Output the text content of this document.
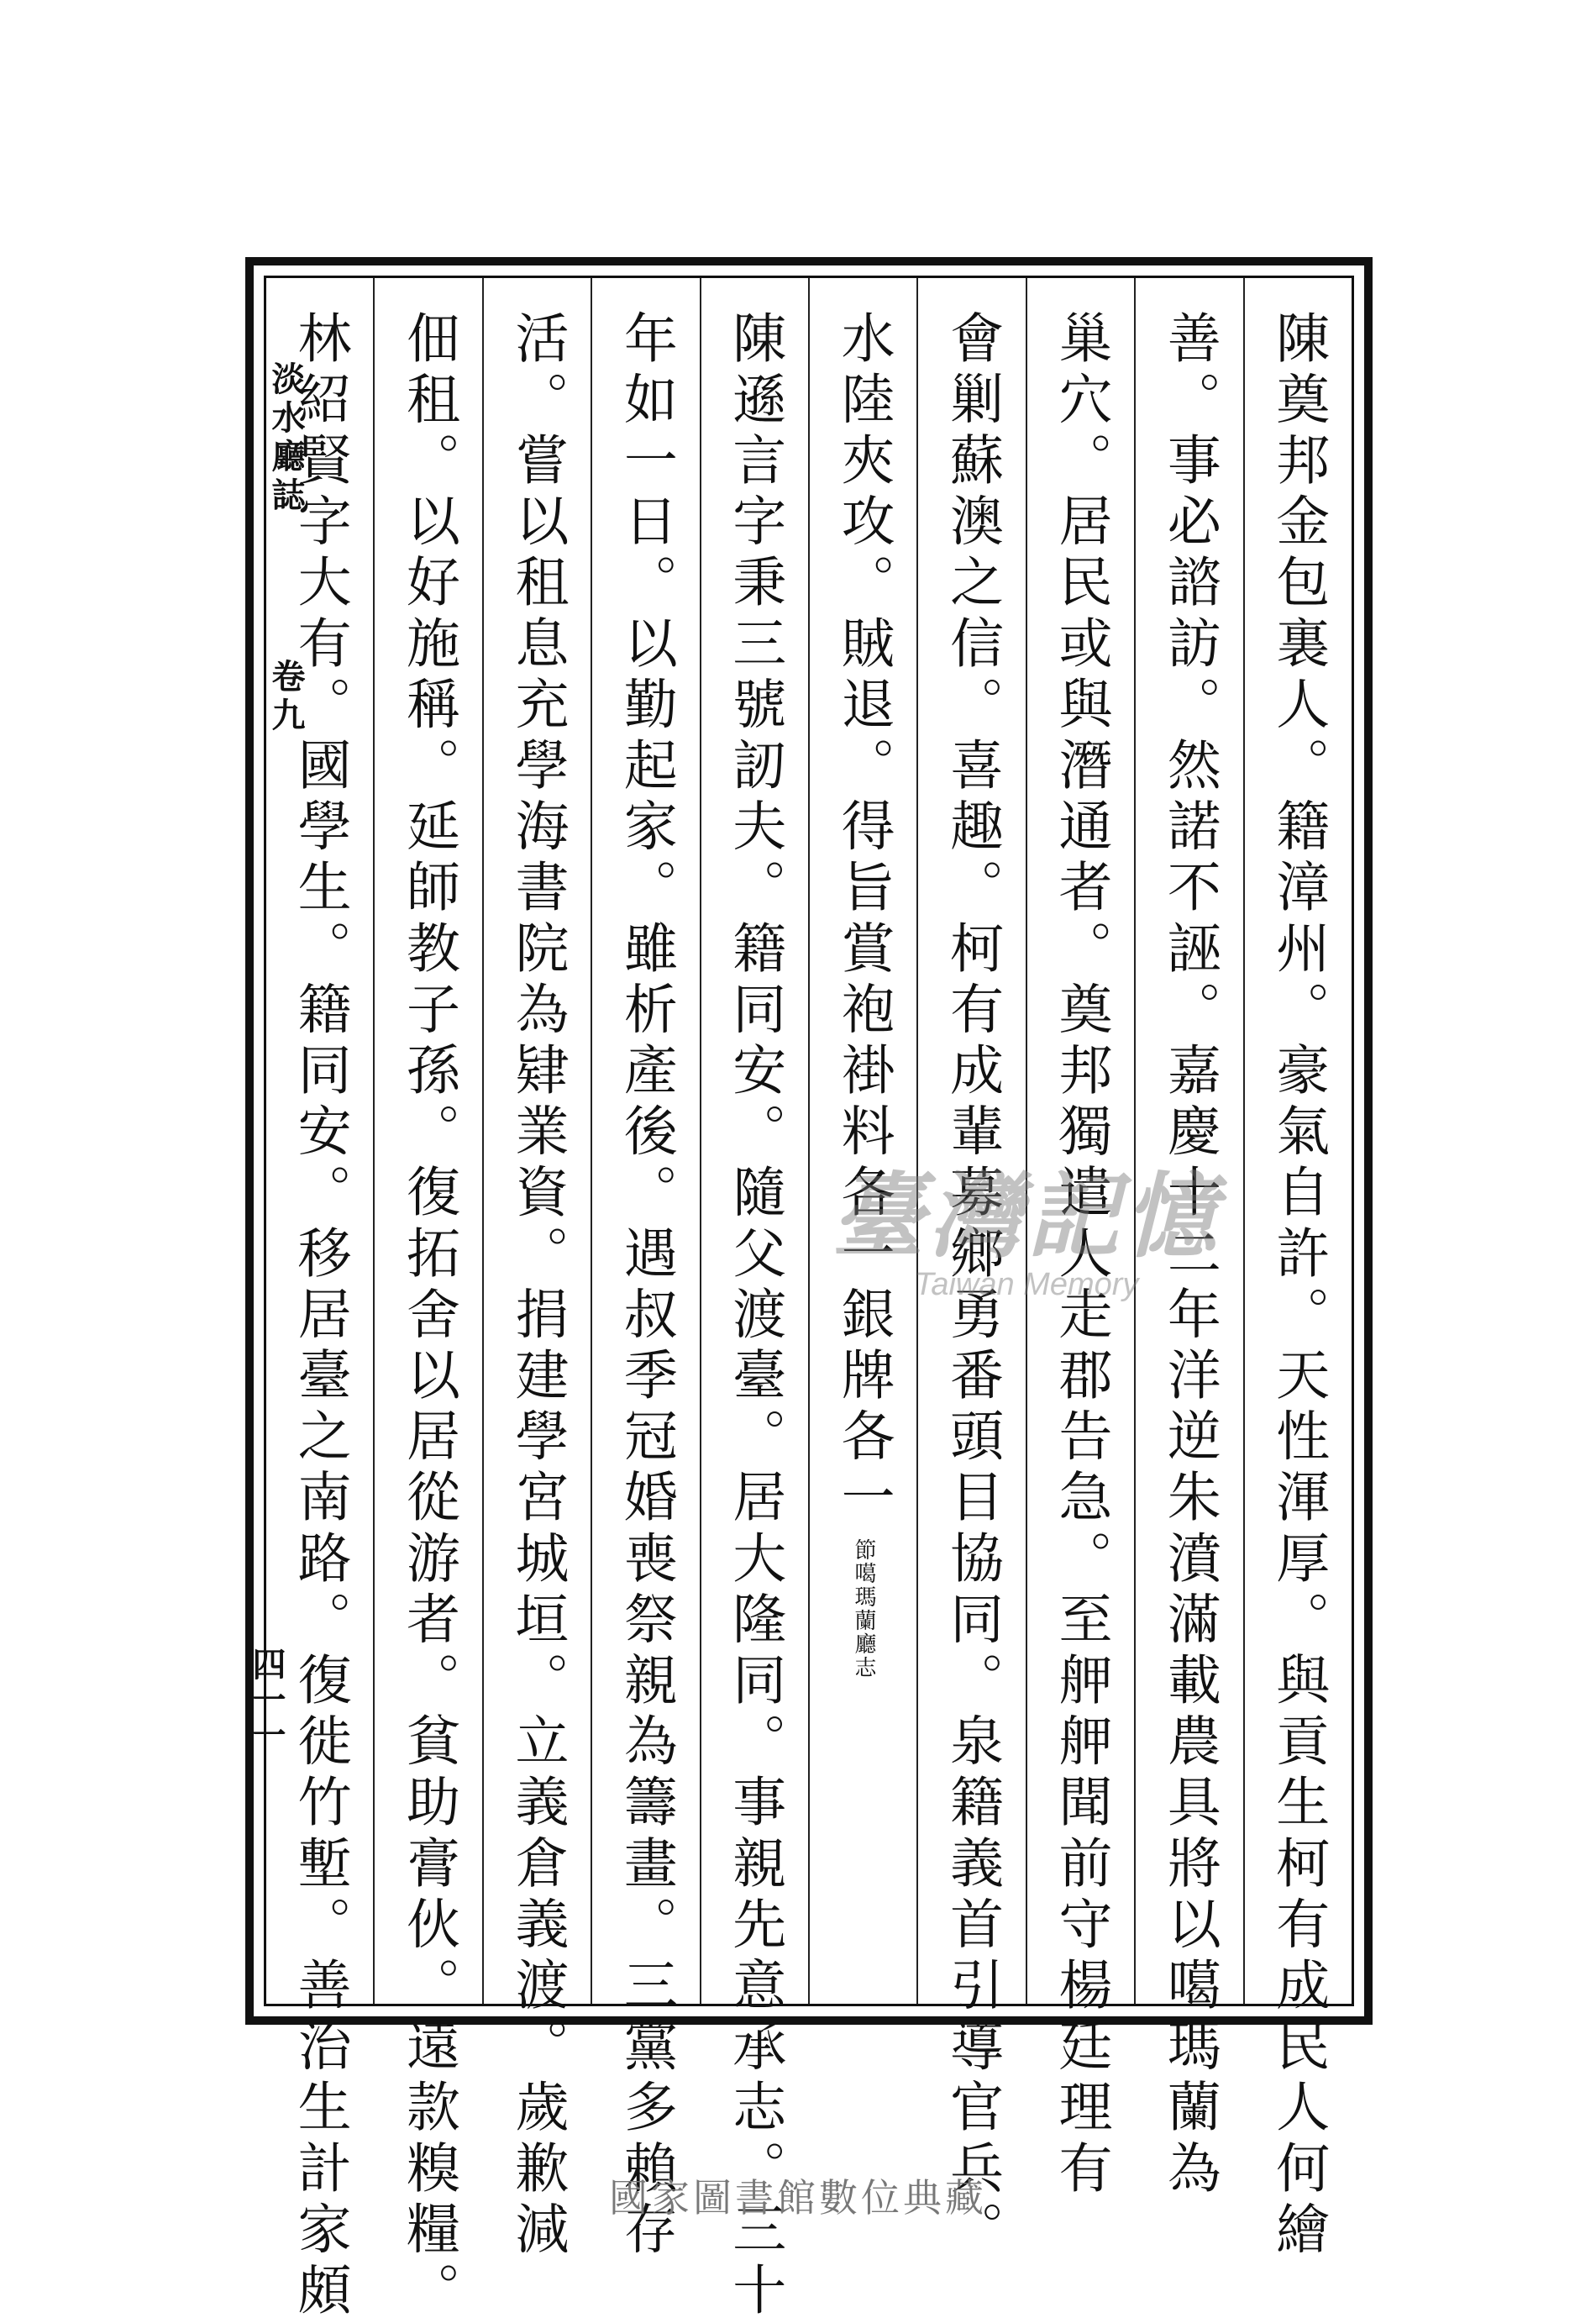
淡水廳誌
卷九
四一一	陳奠邦金包裏人。籍漳州。豪氣自許。天性渾厚。與貢生柯有成民人何繪
善。事必諮訪。然諾不誣。嘉慶十二年洋逆朱濆滿載農具將以噶瑪蘭為
巢穴。居民或與潛通者。奠邦獨遣人走郡告急。至舺舺聞前守楊廷理有
會剿蘇澳之信。喜趣。柯有成輩募鄉勇番頭目協同。泉籍義首引導官兵。
水陸夾攻。賊退。得旨賞袍褂料各一銀牌各一
節噶瑪蘭廳志
陳遜言字秉三號訒夫。籍同安。隨父渡臺。居大隆同。事親先意承志。三十
年如一日。以勤起家。雖析產後。遇叔季冠婚喪祭親為籌畫。三黨多賴存
活。嘗以租息充學海書院為肄業資。捐建學宮城垣。立義倉義渡。歲歉減
佃租。以好施稱。延師教子孫。復拓舍以居從游者。貧助膏伙。遠款糗糧。
林紹賢字大有。國學生。籍同安。移居臺之南路。復徙竹塹。善治生計家頗	臺灣記憶
Taiwan Memory
國家圖書館數位典藏
